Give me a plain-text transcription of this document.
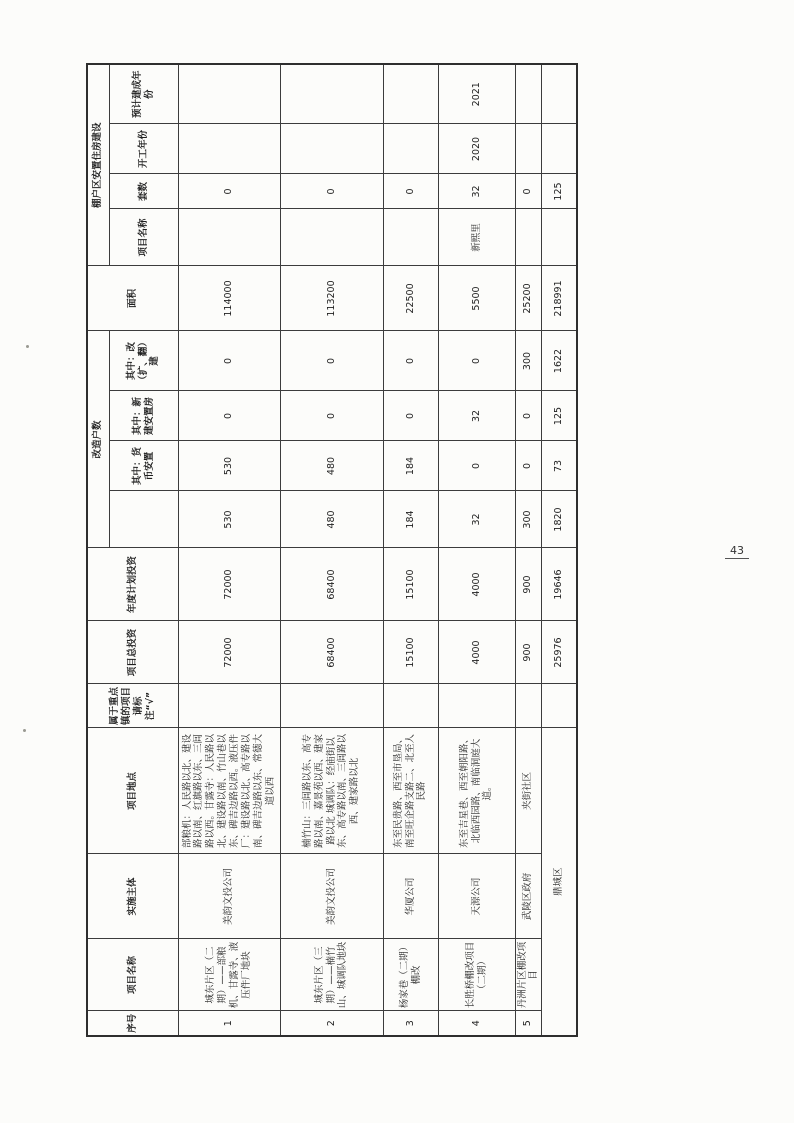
序号	项目名称	实施主体	项目地点	属于重点镇的项目请标注“√”	项目总投资	年度计划投资	改造户数				面积	棚户区安置住房建设			
								其中：货币安置	其中：新建安置房	其中：改（扩、翻）建		项目名称	套数	开工年份	预计建成年份
1	城东片区（二期）——部粮机、甘露寺、液压件厂地块	美韵文投公司	部粮机：人民路以北、建设路以南、红旗路以东、三闾路以西。甘露寺：人民路以北、建设路以南、竹山巷以东、碑吉边路以西。液压件厂：建设路以北、高专路以南、碑吉边路以东、常德大道以西		72000	72000	530	530	0	0	114000		0		
2	城东片区（三期）——楠竹山、城调队地块	美韵文投公司	楠竹山：三闾路以东、高专路以南、嘉景苑以西、建家路以北 城调队：经庙街以东、高专路以南、三闾路以西、建家路以北		68400	68400	480	480	0	0	113200		0		
3	杨家巷（二期）棚改	华厦公司	东至民贵路、西至市垦局、南至旺企路支路二、北至人民路		15100	15100	184	184	0	0	22500		0		
4	长胜桥棚改项目（二期）	天源公司	东至吉星巷、西至朝阳路、北临西园路、南临洞庭大道。		4000	4000	32	0	32	0	5500	新熙里	32	2020	2021
5	丹洲片区棚改项目	武陵区政府	夹街社区		900	900	300	0	0	300	25200		0		
鼎城区					25976	19646	1820	73	125	1622	218991		125		
43
